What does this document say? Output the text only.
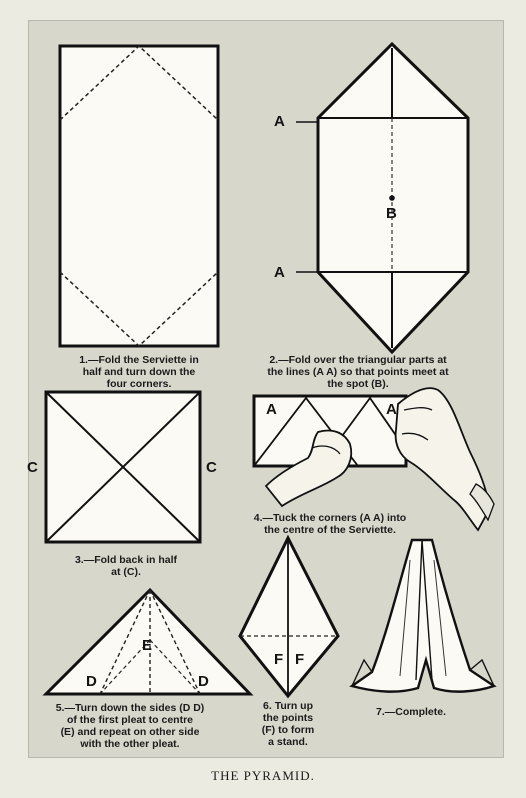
A
A
B
C	C
A	A
E
D	D
F F
1.—Fold the Serviette in
half and turn down the
four corners.
2.—Fold over the triangular parts at
the lines (A A) so that points meet at
the spot (B).
3.—Fold back in half
at (C).
4.—Tuck the corners (A A) into
the centre of the Serviette.
5.—Turn down the sides (D D)
of the first pleat to centre
(E) and repeat on other side
with the other pleat.
6. Turn up
the points
(F) to form
a stand.
7.—Complete.
THE PYRAMID.
